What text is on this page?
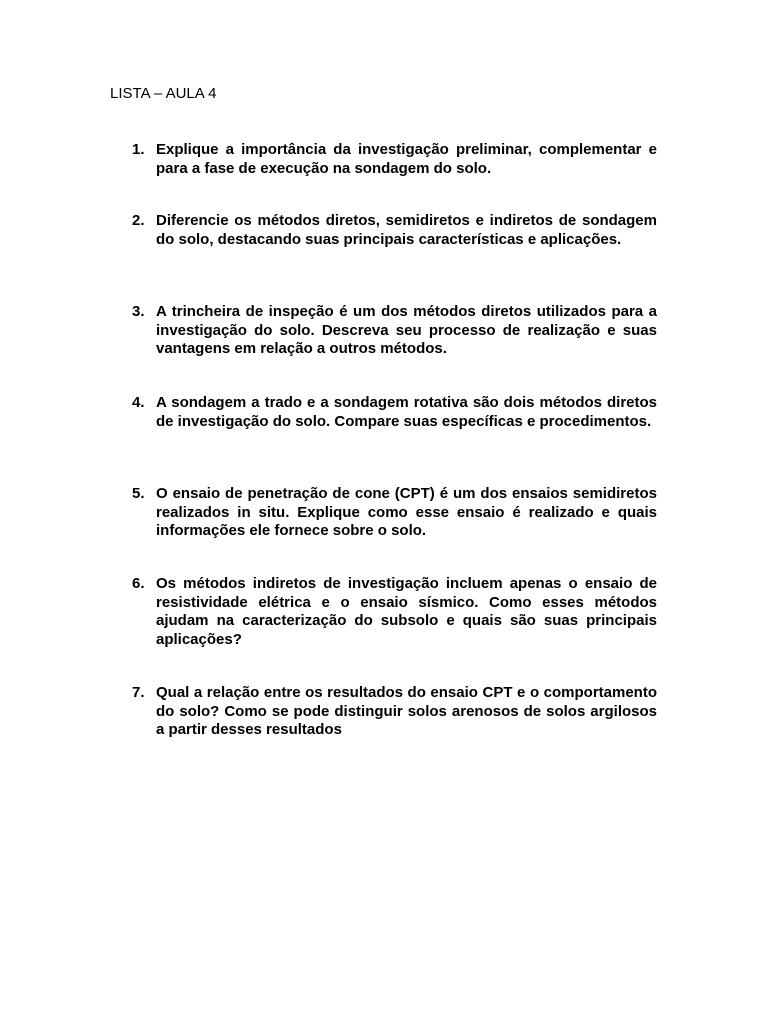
LISTA – AULA 4
1. Explique a importância da investigação preliminar, complementar e para a fase de execução na sondagem do solo.
2. Diferencie os métodos diretos, semidiretos e indiretos de sondagem do solo, destacando suas principais características e aplicações.
3. A trincheira de inspeção é um dos métodos diretos utilizados para a investigação do solo. Descreva seu processo de realização e suas vantagens em relação a outros métodos.
4. A sondagem a trado e a sondagem rotativa são dois métodos diretos de investigação do solo. Compare suas específicas e procedimentos.
5. O ensaio de penetração de cone (CPT) é um dos ensaios semidiretos realizados in situ. Explique como esse ensaio é realizado e quais informações ele fornece sobre o solo.
6. Os métodos indiretos de investigação incluem apenas o ensaio de resistividade elétrica e o ensaio sísmico. Como esses métodos ajudam na caracterização do subsolo e quais são suas principais aplicações?
7. Qual a relação entre os resultados do ensaio CPT e o comportamento do solo? Como se pode distinguir solos arenosos de solos argilosos a partir desses resultados
